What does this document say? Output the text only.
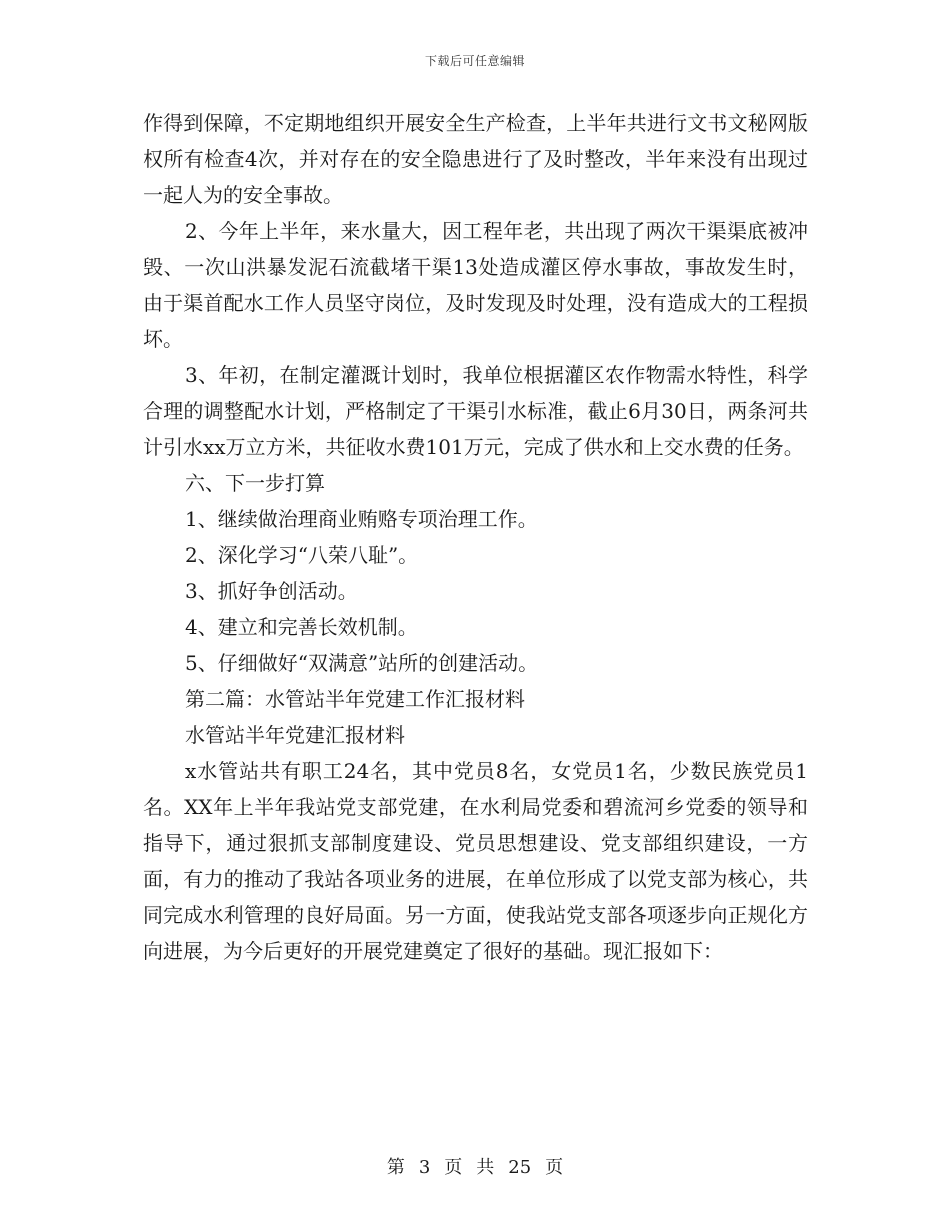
下载后可任意编辑

作得到保障，不定期地组织开展安全生产检查，上半年共进行文书文秘网版权所有检查4次，并对存在的安全隐患进行了及时整改，半年来没有出现过一起人为的安全事故。

2、今年上半年，来水量大，因工程年老，共出现了两次干渠渠底被冲毁、一次山洪暴发泥石流截堵干渠13处造成灌区停水事故，事故发生时，由于渠首配水工作人员坚守岗位，及时发现及时处理，没有造成大的工程损坏。

3、年初，在制定灌溉计划时，我单位根据灌区农作物需水特性，科学合理的调整配水计划，严格制定了干渠引水标准，截止6月30日，两条河共计引水xx万立方米，共征收水费101万元，完成了供水和上交水费的任务。

六、下一步打算

1、继续做治理商业贿赂专项治理工作。

2、深化学习“八荣八耻”。

3、抓好争创活动。

4、建立和完善长效机制。

5、仔细做好“双满意”站所的创建活动。

第二篇：水管站半年党建工作汇报材料

水管站半年党建汇报材料

x水管站共有职工24名，其中党员8名，女党员1名，少数民族党员1名。XX年上半年我站党支部党建，在水利局党委和碧流河乡党委的领导和指导下，通过狠抓支部制度建设、党员思想建设、党支部组织建设，一方面，有力的推动了我站各项业务的进展，在单位形成了以党支部为核心，共同完成水利管理的良好局面。另一方面，使我站党支部各项逐步向正规化方向进展，为今后更好的开展党建奠定了很好的基础。现汇报如下：

第 3 页 共 25 页
